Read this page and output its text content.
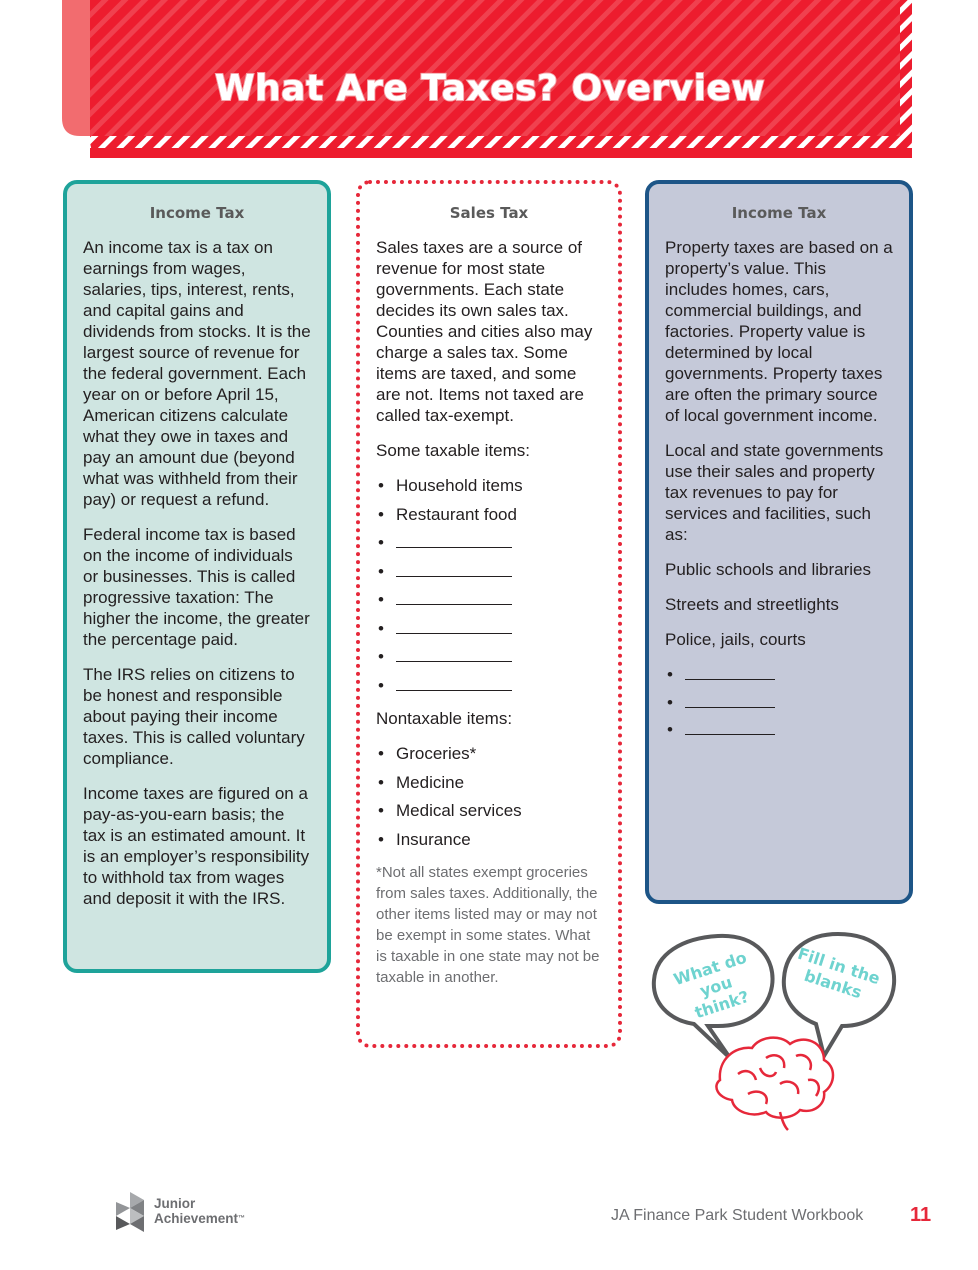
What Are Taxes? Overview
Income Tax

An income tax is a tax on earnings from wages, salaries, tips, interest, rents, and capital gains and dividends from stocks. It is the largest source of revenue for the federal government. Each year on or before April 15, American citizens calculate what they owe in taxes and pay an amount due (beyond what was withheld from their pay) or request a refund.

Federal income tax is based on the income of individuals or businesses. This is called progressive taxation: The higher the income, the greater the percentage paid.

The IRS relies on citizens to be honest and responsible about paying their income taxes. This is called voluntary compliance.

Income taxes are figured on a pay-as-you-earn basis; the tax is an estimated amount. It is an employer’s responsibility to withhold tax from wages and deposit it with the IRS.

Sales Tax

Sales taxes are a source of revenue for most state governments. Each state decides its own sales tax. Counties and cities also may charge a sales tax. Some items are taxed, and some are not. Items not taxed are called tax-exempt.

Some taxable items:

• Household items
• Restaurant food
•
•
•
•
•
•

Nontaxable items:

• Groceries*
• Medicine
• Medical services
• Insurance
*Not all states exempt groceries from sales taxes. Additionally, the other items listed may or may not be exempt in some states. What is taxable in one state may not be taxable in another.
Income Tax

Property taxes are based on a property’s value. This includes homes, cars, commercial buildings, and factories. Property value is determined by local governments. Property taxes are often the primary source of local government income.

Local and state governments use their sales and property tax revenues to pay for services and facilities, such as:

Public schools and libraries

Streets and streetlights

Police, jails, courts

•
•
•
What do you think?
Fill in the blanks
Junior
Achievement™	JA Finance Park Student Workbook 11
